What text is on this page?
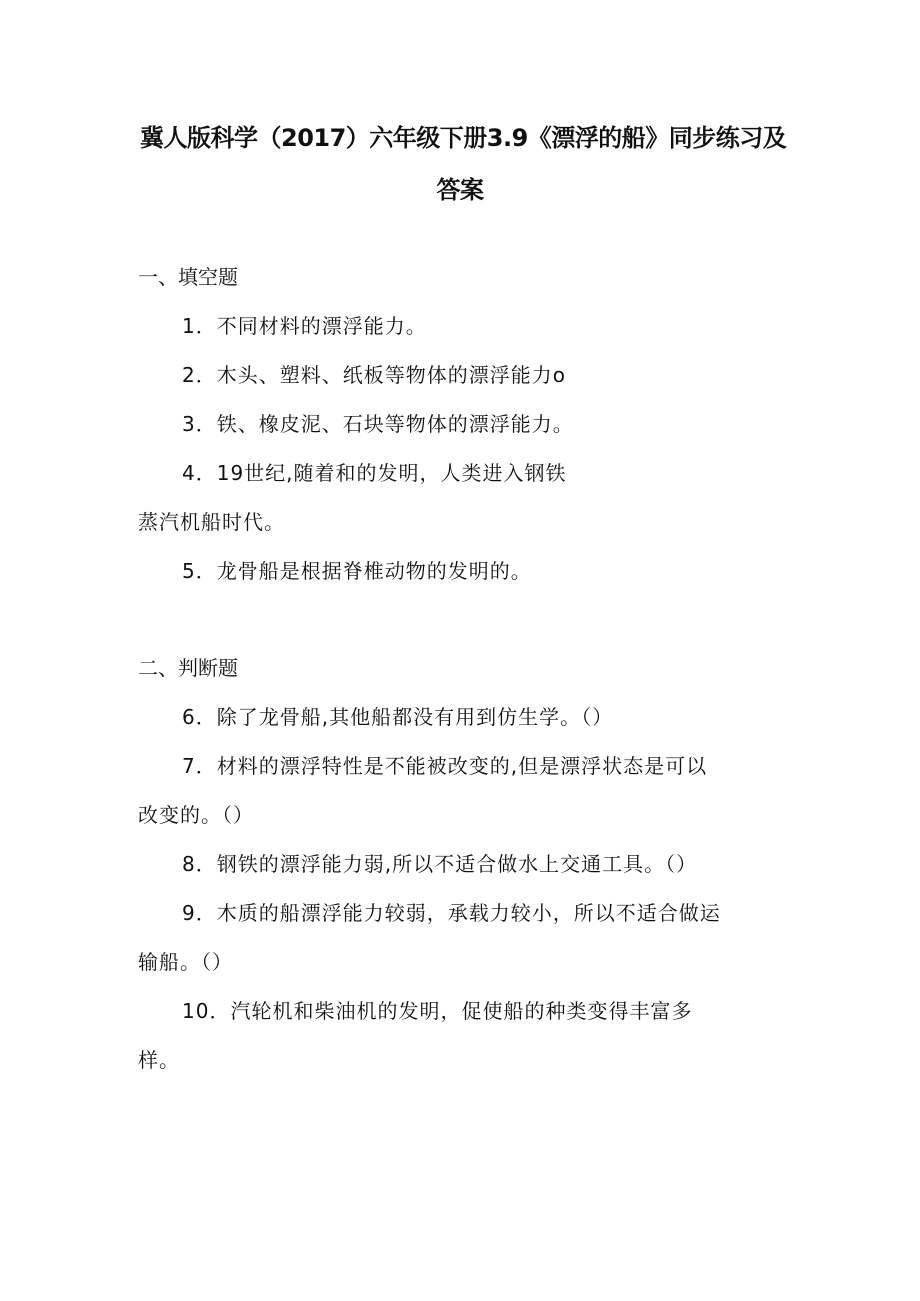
冀人版科学（2017）六年级下册3.9《漂浮的船》同步练习及
答案
一、填空题
1．不同材料的漂浮能力。
2．木头、塑料、纸板等物体的漂浮能力o
3．铁、橡皮泥、石块等物体的漂浮能力。
4．19世纪,随着和的发明，人类进入钢铁
蒸汽机船时代。
5．龙骨船是根据脊椎动物的发明的。
二、判断题
6．除了龙骨船,其他船都没有用到仿生学。（）
7．材料的漂浮特性是不能被改变的,但是漂浮状态是可以
改变的。（）
8．钢铁的漂浮能力弱,所以不适合做水上交通工具。（）
9．木质的船漂浮能力较弱，承载力较小，所以不适合做运
输船。（）
10．汽轮机和柴油机的发明，促使船的种类变得丰富多
样。
